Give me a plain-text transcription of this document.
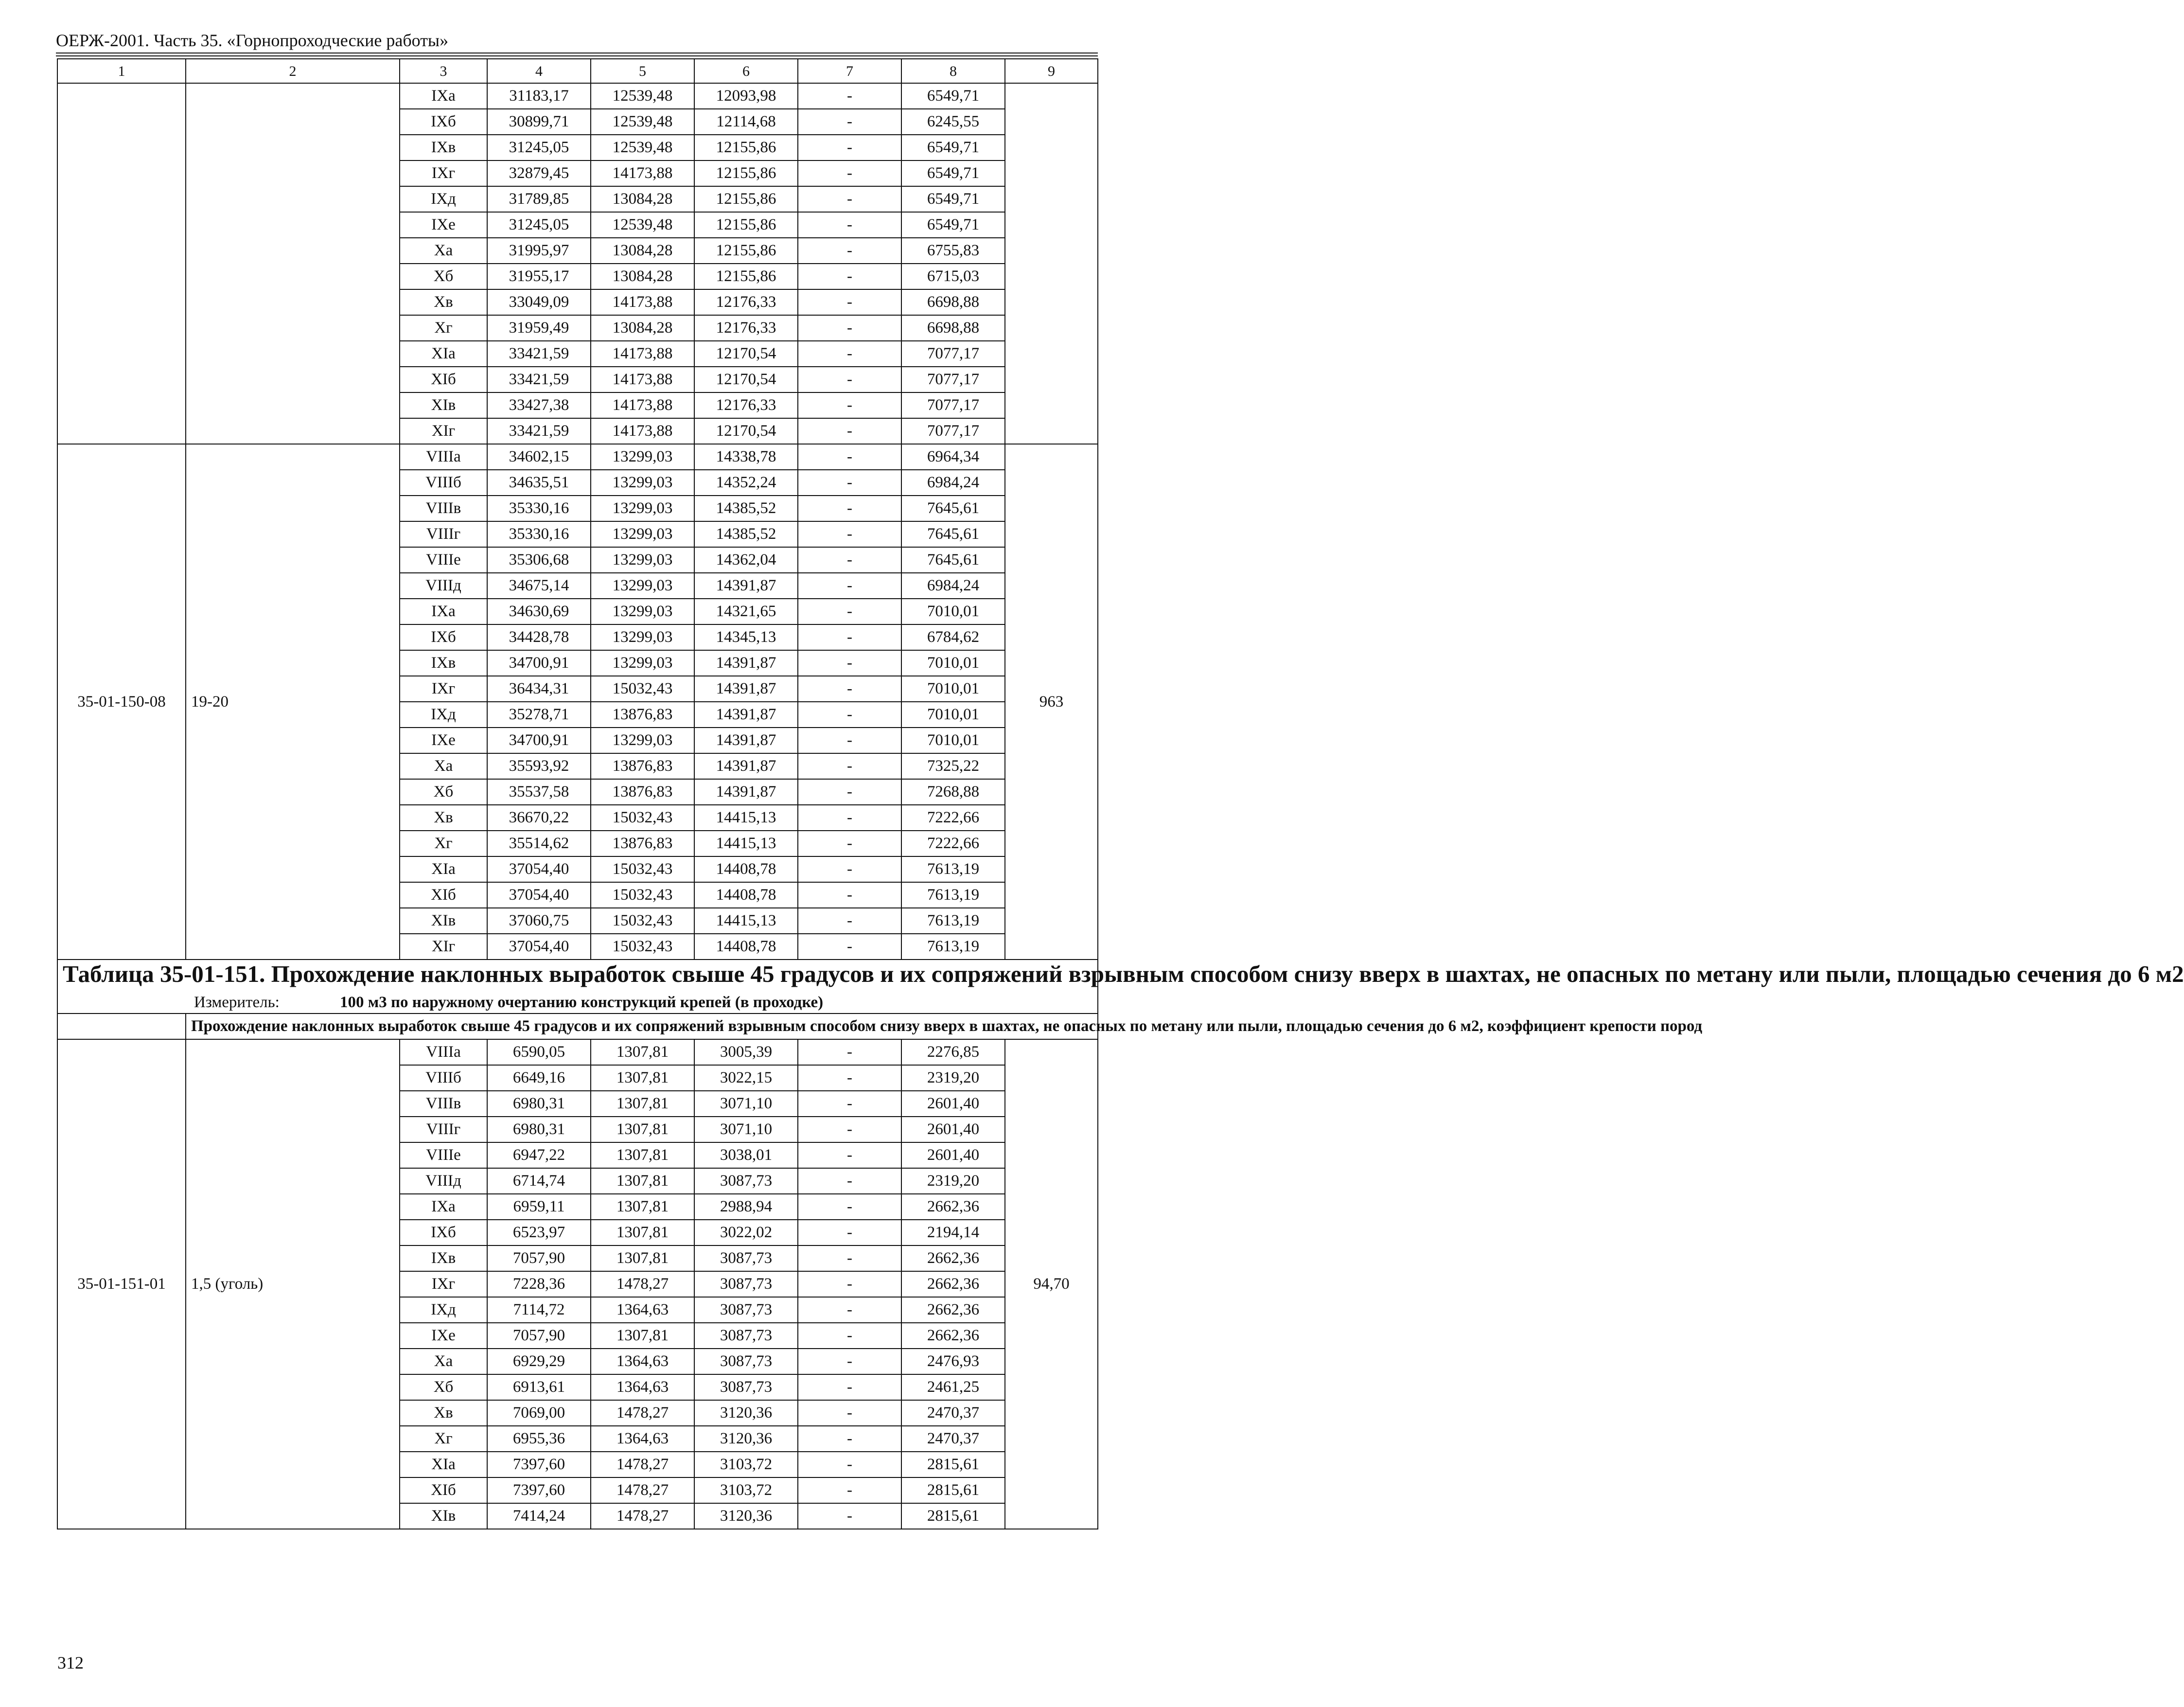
ОЕРЖ-2001. Часть 35. «Горнопроходческие работы»
1	2	3	4	5	6	7	8	9
		IXa	31183,17	12539,48	12093,98	-	6549,71	
		IXб	30899,71	12539,48	12114,68	-	6245,55	
		IXв	31245,05	12539,48	12155,86	-	6549,71	
		IXг	32879,45	14173,88	12155,86	-	6549,71	
		IXд	31789,85	13084,28	12155,86	-	6549,71	
		IXе	31245,05	12539,48	12155,86	-	6549,71	
		Xa	31995,97	13084,28	12155,86	-	6755,83	
		Xб	31955,17	13084,28	12155,86	-	6715,03	
		Xв	33049,09	14173,88	12176,33	-	6698,88	
		Xг	31959,49	13084,28	12176,33	-	6698,88	
		XIa	33421,59	14173,88	12170,54	-	7077,17	
		XIб	33421,59	14173,88	12170,54	-	7077,17	
		XIв	33427,38	14173,88	12176,33	-	7077,17	
		XIг	33421,59	14173,88	12170,54	-	7077,17	
35-01-150-08	19-20	VIIIa	34602,15	13299,03	14338,78	-	6964,34	963
		VIIIб	34635,51	13299,03	14352,24	-	6984,24	
		VIIIв	35330,16	13299,03	14385,52	-	7645,61	
		VIIIг	35330,16	13299,03	14385,52	-	7645,61	
		VIIIе	35306,68	13299,03	14362,04	-	7645,61	
		VIIIд	34675,14	13299,03	14391,87	-	6984,24	
		IXa	34630,69	13299,03	14321,65	-	7010,01	
		IXб	34428,78	13299,03	14345,13	-	6784,62	
		IXв	34700,91	13299,03	14391,87	-	7010,01	
		IXг	36434,31	15032,43	14391,87	-	7010,01	
		IXд	35278,71	13876,83	14391,87	-	7010,01	
		IXе	34700,91	13299,03	14391,87	-	7010,01	
		Xa	35593,92	13876,83	14391,87	-	7325,22	
		Xб	35537,58	13876,83	14391,87	-	7268,88	
		Xв	36670,22	15032,43	14415,13	-	7222,66	
		Xг	35514,62	13876,83	14415,13	-	7222,66	
		XIa	37054,40	15032,43	14408,78	-	7613,19	
		XIб	37054,40	15032,43	14408,78	-	7613,19	
		XIв	37060,75	15032,43	14415,13	-	7613,19	
		XIг	37054,40	15032,43	14408,78	-	7613,19	

Таблица 35-01-151. Прохождение наклонных выработок свыше 45 градусов и их сопряжений взрывным способом снизу вверх в шахтах, не опасных по метану или пыли, площадью сечения до 6 м2
Измеритель: 100 м3 по наружному очертанию конструкций крепей (в проходке)								

	Прохождение наклонных выработок свыше 45 градусов и их сопряжений взрывным способом снизу вверх в шахтах, не опасных по метану или пыли, площадью сечения до 6 м2, коэффициент крепости пород							
35-01-151-01	1,5 (уголь)	VIIIa	6590,05	1307,81	3005,39	-	2276,85	94,70
		VIIIб	6649,16	1307,81	3022,15	-	2319,20	
		VIIIв	6980,31	1307,81	3071,10	-	2601,40	
		VIIIг	6980,31	1307,81	3071,10	-	2601,40	
		VIIIе	6947,22	1307,81	3038,01	-	2601,40	
		VIIIд	6714,74	1307,81	3087,73	-	2319,20	
		IXa	6959,11	1307,81	2988,94	-	2662,36	
		IXб	6523,97	1307,81	3022,02	-	2194,14	
		IXв	7057,90	1307,81	3087,73	-	2662,36	
		IXг	7228,36	1478,27	3087,73	-	2662,36	
		IXд	7114,72	1364,63	3087,73	-	2662,36	
		IXе	7057,90	1307,81	3087,73	-	2662,36	
		Xa	6929,29	1364,63	3087,73	-	2476,93	
		Xб	6913,61	1364,63	3087,73	-	2461,25	
		Xв	7069,00	1478,27	3120,36	-	2470,37	
		Xг	6955,36	1364,63	3120,36	-	2470,37	
		XIa	7397,60	1478,27	3103,72	-	2815,61	
		XIб	7397,60	1478,27	3103,72	-	2815,61	
		XIв	7414,24	1478,27	3120,36	-	2815,61	
312
